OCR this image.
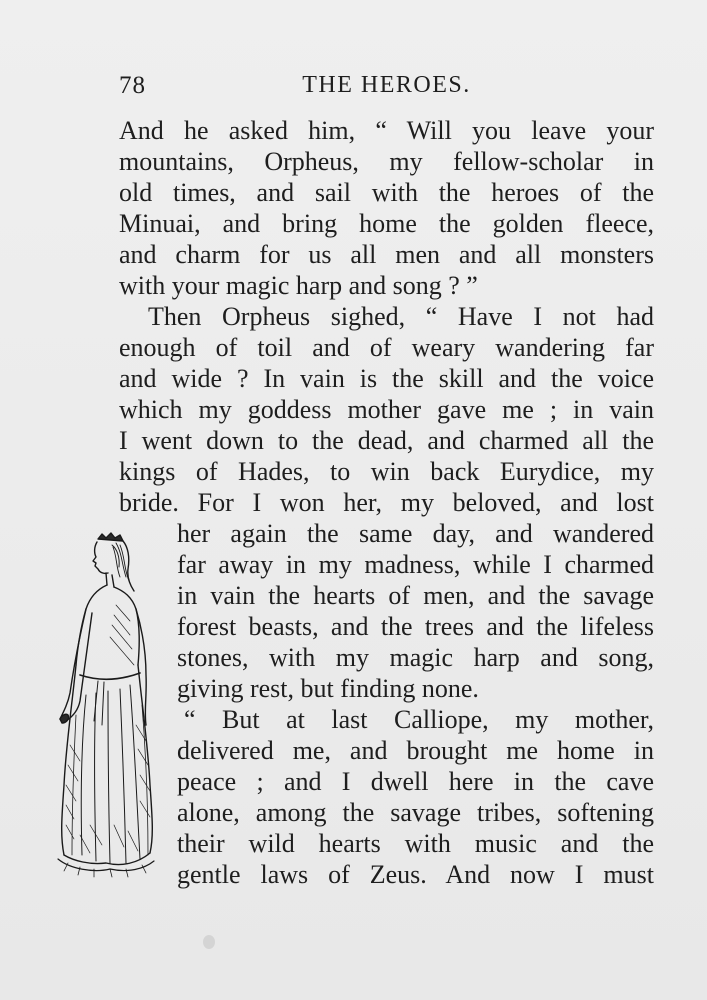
78	THE HEROES.
And he asked him, “ Will you leave your
mountains, Orpheus, my fellow-scholar in
old times, and sail with the heroes of the
Minuai, and bring home the golden fleece,
and charm for us all men and all monsters
with your magic harp and song ? ”
Then Orpheus sighed, “ Have I not had
enough of toil and of weary wandering far
and wide ? In vain is the skill and the voice
which my goddess mother gave me ; in vain
I went down to the dead, and charmed all the
kings of Hades, to win back Eurydice, my
bride. For I won her, my beloved, and lost
her again the same day, and wandered
far away in my madness, while I charmed
in vain the hearts of men, and the savage
forest beasts, and the trees and the lifeless
stones, with my magic harp and song,
giving rest, but finding none.
“ But at last Calliope, my mother,
delivered me, and brought me home in
peace ; and I dwell here in the cave
alone, among the savage tribes, softening
their wild hearts with music and the
gentle laws of Zeus. And now I must
